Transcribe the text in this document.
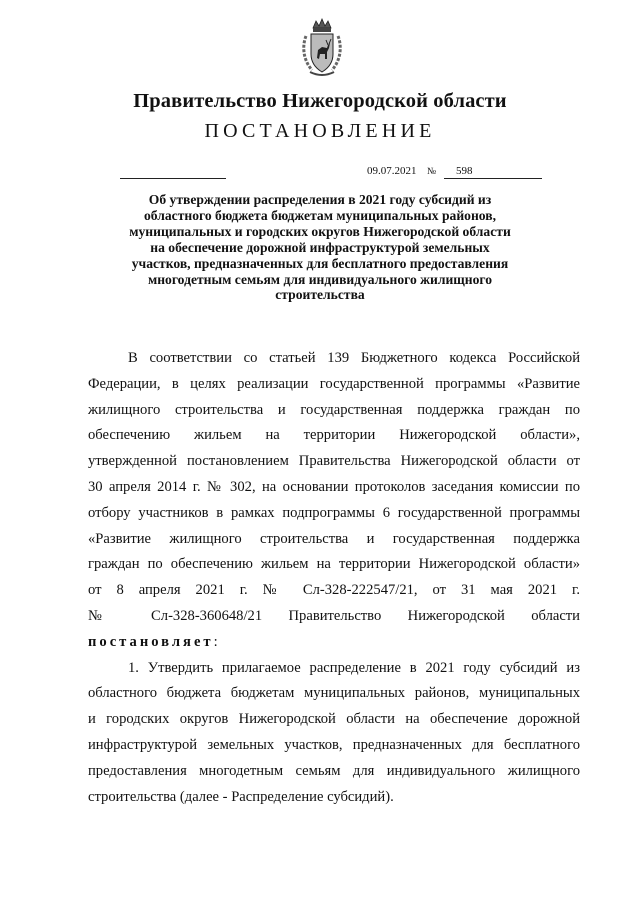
Правительство Нижегородской области
ПОСТАНОВЛЕНИЕ
09.07.2021 № 598
Об утверждении распределения в 2021 году субсидий из
областного бюджета бюджетам муниципальных районов,
муниципальных и городских округов Нижегородской области
на обеспечение дорожной инфраструктурой земельных
участков, предназначенных для бесплатного предоставления
многодетным семьям для индивидуального жилищного
строительства
В соответствии со статьей 139 Бюджетного кодекса Российской
Федерации, в целях реализации государственной программы «Развитие
жилищного строительства и государственная поддержка граждан по
обеспечению жильем на территории Нижегородской области»,
утвержденной постановлением Правительства Нижегородской области от
30 апреля 2014 г. № 302, на основании протоколов заседания комиссии по
отбору участников в рамках подпрограммы 6 государственной программы
«Развитие жилищного строительства и государственная поддержка
граждан по обеспечению жильем на территории Нижегородской области»
от 8 апреля 2021 г. № Сл-328-222547/21, от 31 мая 2021 г.
№ Сл-328-360648/21 Правительство Нижегородской области
постановляет:
1. Утвердить прилагаемое распределение в 2021 году субсидий из
областного бюджета бюджетам муниципальных районов, муниципальных
и городских округов Нижегородской области на обеспечение дорожной
инфраструктурой земельных участков, предназначенных для бесплатного
предоставления многодетным семьям для индивидуального жилищного
строительства (далее - Распределение субсидий).
